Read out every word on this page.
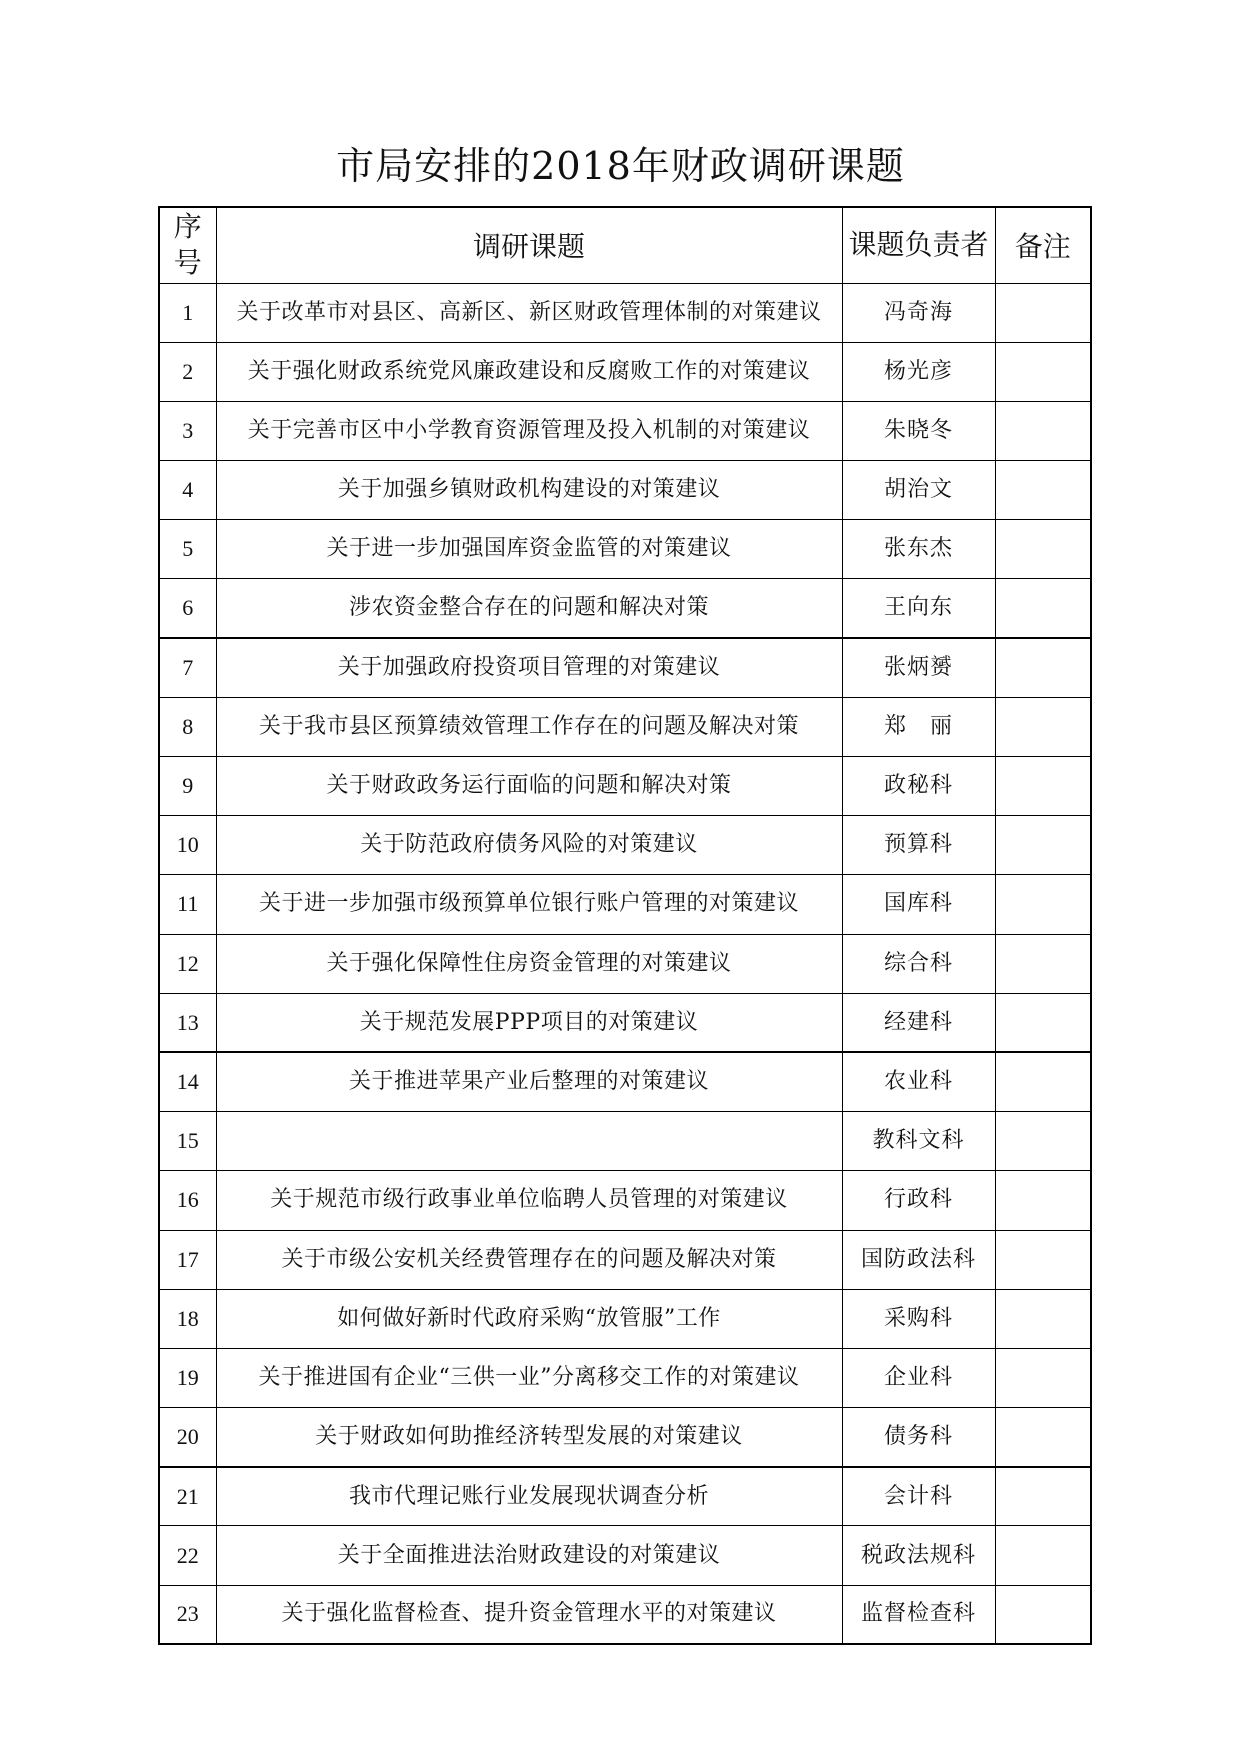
市局安排的2018年财政调研课题
序号	调研课题	课题负责者	备注
1	关于改革市对县区、高新区、新区财政管理体制的对策建议	冯奇海	
2	关于强化财政系统党风廉政建设和反腐败工作的对策建议	杨光彦	
3	关于完善市区中小学教育资源管理及投入机制的对策建议	朱晓冬	
4	关于加强乡镇财政机构建设的对策建议	胡治文	
5	关于进一步加强国库资金监管的对策建议	张东杰	
6	涉农资金整合存在的问题和解决对策	王向东	
7	关于加强政府投资项目管理的对策建议	张炳赟	
8	关于我市县区预算绩效管理工作存在的问题及解决对策	郑　丽	
9	关于财政政务运行面临的问题和解决对策	政秘科	
10	关于防范政府债务风险的对策建议	预算科	
11	关于进一步加强市级预算单位银行账户管理的对策建议	国库科	
12	关于强化保障性住房资金管理的对策建议	综合科	
13	关于规范发展PPP项目的对策建议	经建科	
14	关于推进苹果产业后整理的对策建议	农业科	
15		教科文科	
16	关于规范市级行政事业单位临聘人员管理的对策建议	行政科	
17	关于市级公安机关经费管理存在的问题及解决对策	国防政法科	
18	如何做好新时代政府采购“放管服”工作	采购科	
19	关于推进国有企业“三供一业”分离移交工作的对策建议	企业科	
20	关于财政如何助推经济转型发展的对策建议	债务科	
21	我市代理记账行业发展现状调查分析	会计科	
22	关于全面推进法治财政建设的对策建议	税政法规科	
23	关于强化监督检查、提升资金管理水平的对策建议	监督检查科	
